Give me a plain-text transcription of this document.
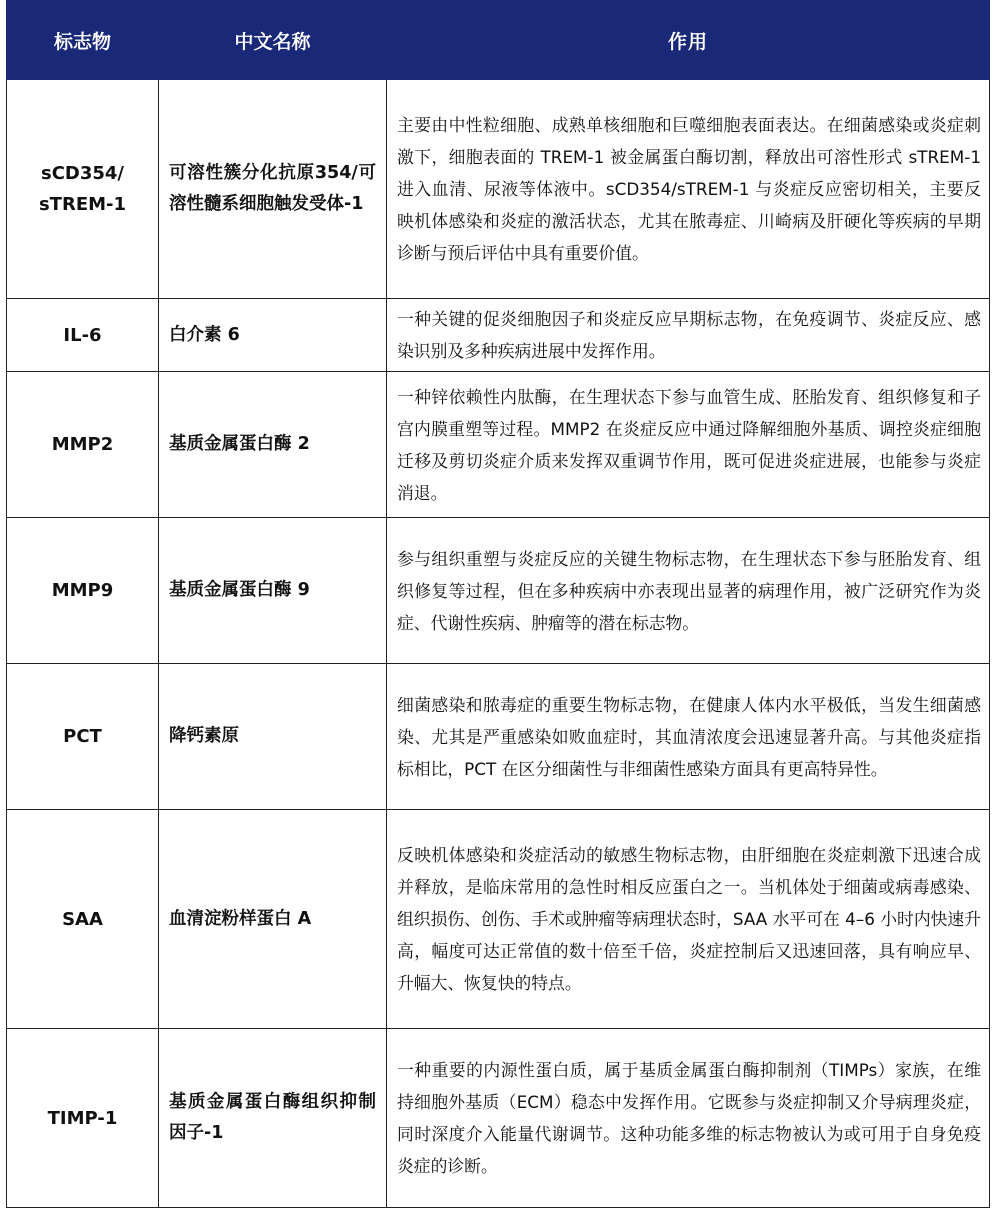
标志物	中文名称	作用
sCD354/
sTREM-1	可溶性簇分化抗原354/可溶性髓系细胞触发受体-1	主要由中性粒细胞、成熟单核细胞和巨噬细胞表面表达。在细菌感染或炎症刺激下，细胞表面的 TREM-1 被金属蛋白酶切割，释放出可溶性形式 sTREM-1 进入血清、尿液等体液中。sCD354/sTREM-1 与炎症反应密切相关，主要反映机体感染和炎症的激活状态，尤其在脓毒症、川崎病及肝硬化等疾病的早期诊断与预后评估中具有重要价值。
IL-6	白介素 6	一种关键的促炎细胞因子和炎症反应早期标志物，在免疫调节、炎症反应、感染识别及多种疾病进展中发挥作用。
MMP2	基质金属蛋白酶 2	一种锌依赖性内肽酶，在生理状态下参与血管生成、胚胎发育、组织修复和子宫内膜重塑等过程。MMP2 在炎症反应中通过降解细胞外基质、调控炎症细胞迁移及剪切炎症介质来发挥双重调节作用，既可促进炎症进展，也能参与炎症消退。
MMP9	基质金属蛋白酶 9	参与组织重塑与炎症反应的关键生物标志物，在生理状态下参与胚胎发育、组织修复等过程，但在多种疾病中亦表现出显著的病理作用，被广泛研究作为炎症、代谢性疾病、肿瘤等的潜在标志物。
PCT	降钙素原	细菌感染和脓毒症的重要生物标志物，在健康人体内水平极低，当发生细菌感染、尤其是严重感染如败血症时，其血清浓度会迅速显著升高。与其他炎症指标相比，PCT 在区分细菌性与非细菌性感染方面具有更高特异性。
SAA	血清淀粉样蛋白 A	反映机体感染和炎症活动的敏感生物标志物，由肝细胞在炎症刺激下迅速合成并释放，是临床常用的急性时相反应蛋白之一。当机体处于细菌或病毒感染、组织损伤、创伤、手术或肿瘤等病理状态时，SAA 水平可在 4–6 小时内快速升高，幅度可达正常值的数十倍至千倍，炎症控制后又迅速回落，具有响应早、升幅大、恢复快的特点。
TIMP-1	基质金属蛋白酶组织抑制因子-1	一种重要的内源性蛋白质，属于基质金属蛋白酶抑制剂（TIMPs）家族，在维持细胞外基质（ECM）稳态中发挥作用。它既参与炎症抑制又介导病理炎症，同时深度介入能量代谢调节。这种功能多维的标志物被认为或可用于自身免疫炎症的诊断。
